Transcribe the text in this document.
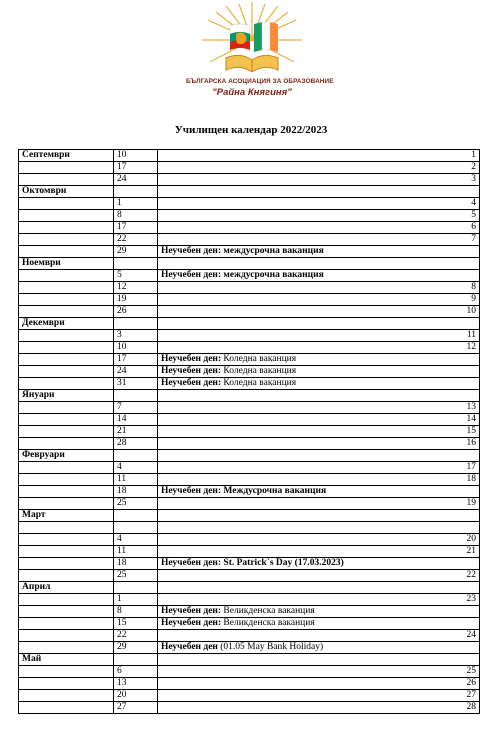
БЪЛГАРСКА АСОЦИАЦИЯ ЗА ОБРАЗОВАНИЕ
"Райна Княгиня"
Училищен календар 2022/2023
Септември	10	1

	17	2

	24	3

Октомври		

	1	4

	8	5

	17	6

	22	7

	29	Неучебен ден: междусрочна ваканция
Ноември		

	5	Неучебен ден: междусрочна ваканция
	12	8

	19	9

	26	10

Декември		

	3	11

	10	12

	17	Неучебен ден: Коледна ваканция
	24	Неучебен ден: Коледна ваканция
	31	Неучебен ден: Коледна ваканция
Януари		

	7	13

	14	14

	21	15

	28	16

Февруари		

	4	17

	11	18

	18	Неучебен ден: Междусрочна ваканция
	25	19

Март		

	4	20

	11	21

	18	Неучебен ден: St. Patrick`s Day (17.03.2023)
	25	22

Април		

	1	23

	8	Неучебен ден: Великденска ваканция
	15	Неучебен ден: Великденска ваканция
	22	24

	29	Неучебен ден (01.05 May Bank Holiday)
Май		

	6	25

	13	26

	20	27

	27	28
